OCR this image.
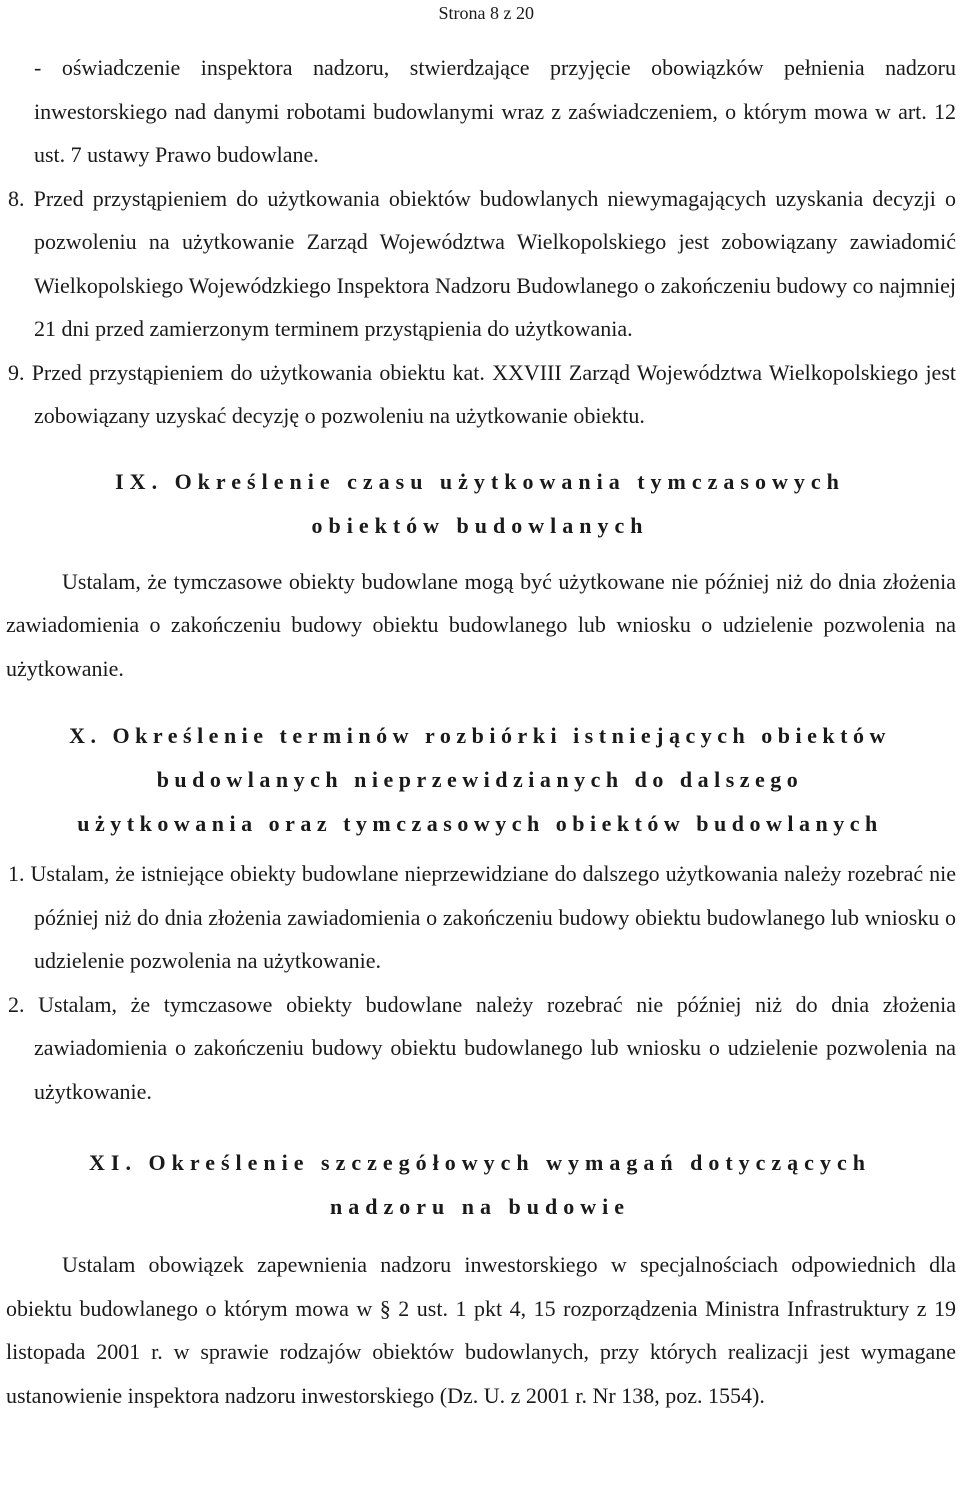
Strona 8 z 20

- oświadczenie inspektora nadzoru, stwierdzające przyjęcie obowiązków pełnienia nadzoru inwestorskiego nad danymi robotami budowlanymi wraz z zaświadczeniem, o którym mowa w art. 12 ust. 7 ustawy Prawo budowlane.

8. Przed przystąpieniem do użytkowania obiektów budowlanych niewymagających uzyskania decyzji o pozwoleniu na użytkowanie Zarząd Województwa Wielkopolskiego jest zobowiązany zawiadomić Wielkopolskiego Wojewódzkiego Inspektora Nadzoru Budowlanego o zakończeniu budowy co najmniej 21 dni przed zamierzonym terminem przystąpienia do użytkowania.

9. Przed przystąpieniem do użytkowania obiektu kat. XXVIII Zarząd Województwa Wielkopolskiego jest zobowiązany uzyskać decyzję o pozwoleniu na użytkowanie obiektu.

IX. Określenie czasu użytkowania tymczasowych
obiektów budowlanych

Ustalam, że tymczasowe obiekty budowlane mogą być użytkowane nie później niż do dnia złożenia zawiadomienia o zakończeniu budowy obiektu budowlanego lub wniosku o udzielenie pozwolenia na użytkowanie.

X. Określenie terminów rozbiórki istniejących obiektów
budowlanych nieprzewidzianych do dalszego
użytkowania oraz tymczasowych obiektów budowlanych

1. Ustalam, że istniejące obiekty budowlane nieprzewidziane do dalszego użytkowania należy rozebrać nie później niż do dnia złożenia zawiadomienia o zakończeniu budowy obiektu budowlanego lub wniosku o udzielenie pozwolenia na użytkowanie.

2. Ustalam, że tymczasowe obiekty budowlane należy rozebrać nie później niż do dnia złożenia zawiadomienia o zakończeniu budowy obiektu budowlanego lub wniosku o udzielenie pozwolenia na użytkowanie.

XI. Określenie szczegółowych wymagań dotyczących
nadzoru na budowie

Ustalam obowiązek zapewnienia nadzoru inwestorskiego w specjalnościach odpowiednich dla obiektu budowlanego o którym mowa w § 2 ust. 1 pkt 4, 15 rozporządzenia Ministra Infrastruktury z 19 listopada 2001 r. w sprawie rodzajów obiektów budowlanych, przy których realizacji jest wymagane ustanowienie inspektora nadzoru inwestorskiego (Dz. U. z 2001 r. Nr 138, poz. 1554).
